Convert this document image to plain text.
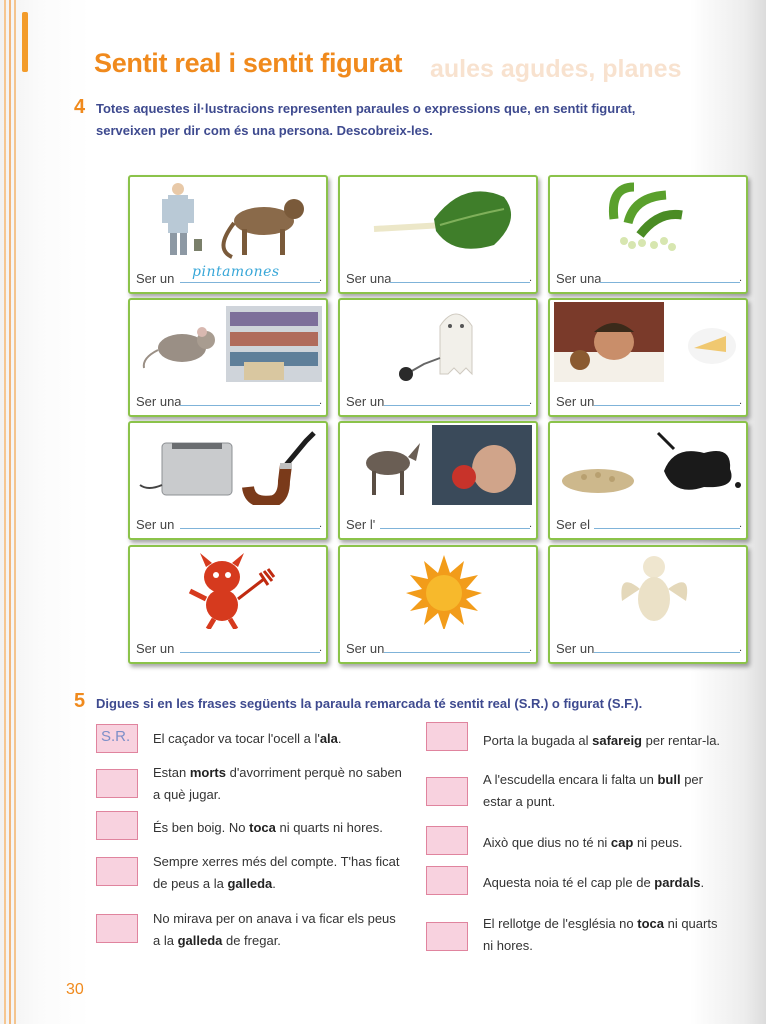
aules agudes, planes
Sentit real i sentit figurat
4 Totes aquestes il·lustracions representen paraules o expressions que, en sentit figurat,
serveixen per dir com és una persona. Descobreix-les.
Ser un pintamones	. Ser una	. Ser una	.
Ser una	. Ser un	. Ser un	.
Ser un	. Ser l'	. Ser el	.
Ser un	. Ser un	. Ser un	.
5 Digues si en les frases següents la paraula remarcada té sentit real (S.R.) o figurat (S.F.).
S.R. El caçador va tocar l'ocell a l'ala.
Estan morts d'avorriment perquè no saben
a què jugar.
És ben boig. No toca ni quarts ni hores.
Sempre xerres més del compte. T'has ficat
de peus a la galleda.
No mirava per on anava i va ficar els peus
a la galleda de fregar.
Porta la bugada al safareig per rentar-la.
A l'escudella encara li falta un bull per
estar a punt.
Això que dius no té ni cap ni peus.
Aquesta noia té el cap ple de pardals.
El rellotge de l'església no toca ni quarts
ni hores.
30
